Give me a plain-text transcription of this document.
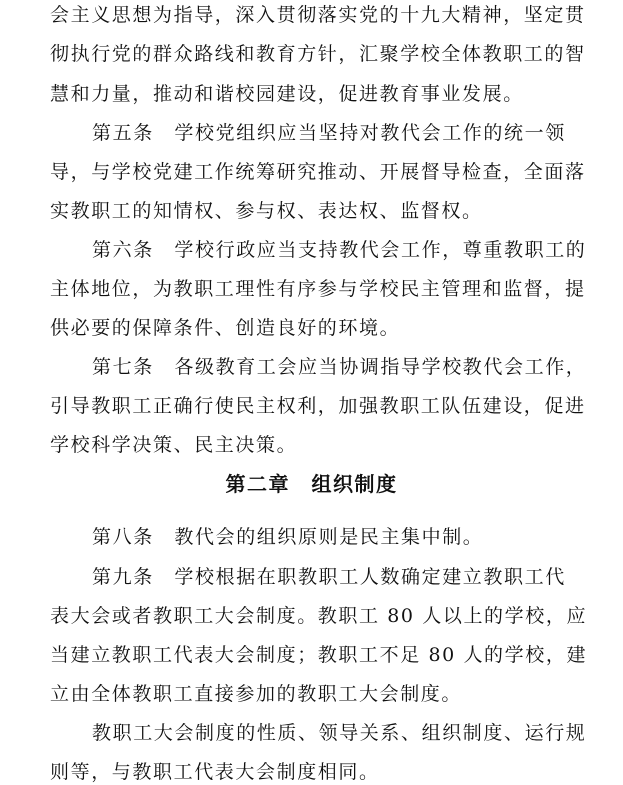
会主义思想为指导，深入贯彻落实党的十九大精神，坚定贯
彻执行党的群众路线和教育方针，汇聚学校全体教职工的智
慧和力量，推动和谐校园建设，促进教育事业发展。
第五条　学校党组织应当坚持对教代会工作的统一领
导，与学校党建工作统筹研究推动、开展督导检查，全面落
实教职工的知情权、参与权、表达权、监督权。
第六条　学校行政应当支持教代会工作，尊重教职工的
主体地位，为教职工理性有序参与学校民主管理和监督，提
供必要的保障条件、创造良好的环境。
第七条　各级教育工会应当协调指导学校教代会工作，
引导教职工正确行使民主权利，加强教职工队伍建设，促进
学校科学决策、民主决策。
第二章　组织制度
第八条　教代会的组织原则是民主集中制。
第九条　学校根据在职教职工人数确定建立教职工代
表大会或者教职工大会制度。教职工 80 人以上的学校，应
当建立教职工代表大会制度；教职工不足 80 人的学校，建
立由全体教职工直接参加的教职工大会制度。
教职工大会制度的性质、领导关系、组织制度、运行规
则等，与教职工代表大会制度相同。
